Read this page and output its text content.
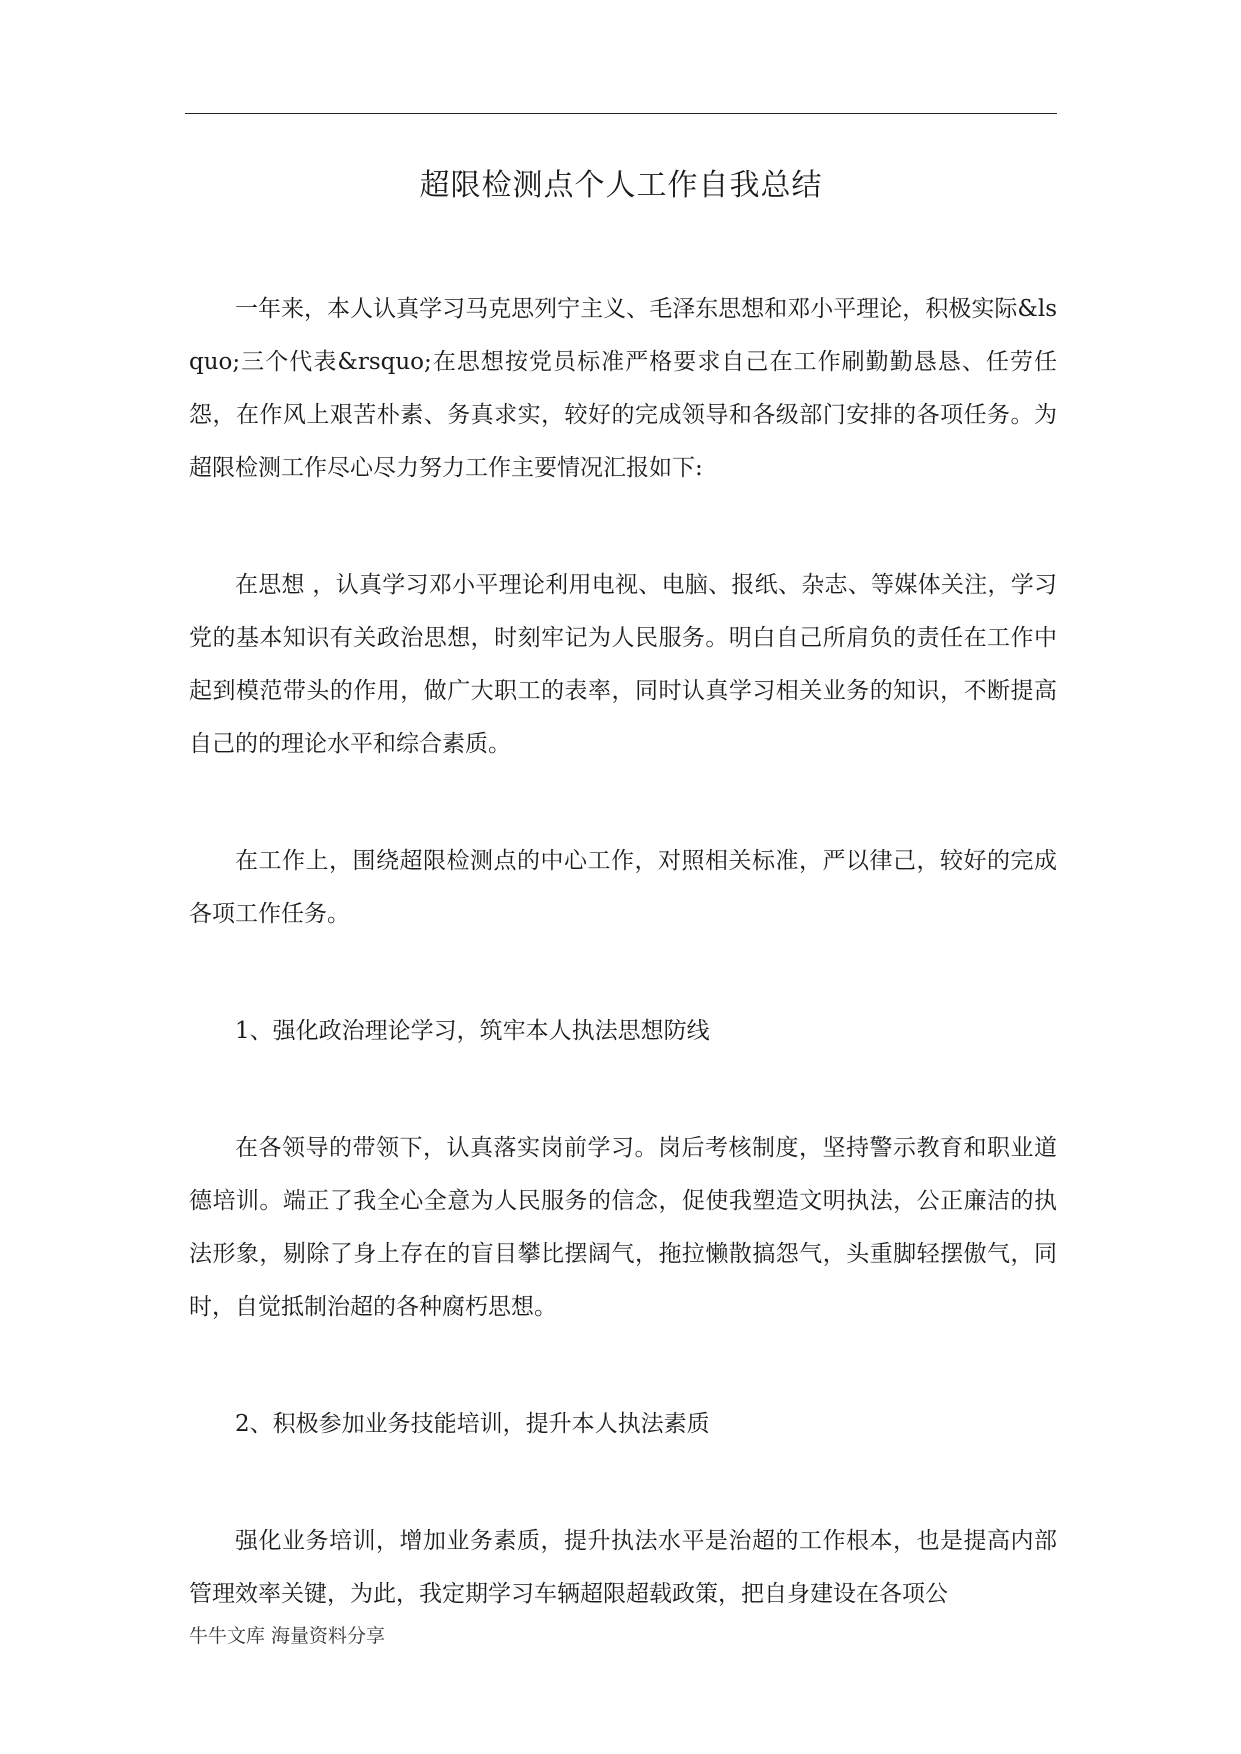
超限检测点个人工作自我总结

一年来，本人认真学习马克思列宁主义、毛泽东思想和邓小平理论，积极实际&lsquo;三个代表&rsquo;在思想按党员标准严格要求自己在工作刷勤勤恳恳、任劳任怨，在作风上艰苦朴素、务真求实，较好的完成领导和各级部门安排的各项任务。为超限检测工作尽心尽力努力工作主要情况汇报如下:

在思想 ，认真学习邓小平理论利用电视、电脑、报纸、杂志、等媒体关注，学习党的基本知识有关政治思想，时刻牢记为人民服务。明白自己所肩负的责任在工作中起到模范带头的作用，做广大职工的表率，同时认真学习相关业务的知识，不断提高自己的的理论水平和综合素质。

在工作上，围绕超限检测点的中心工作，对照相关标准，严以律己，较好的完成各项工作任务。

1、强化政治理论学习，筑牢本人执法思想防线

在各领导的带领下，认真落实岗前学习。岗后考核制度，坚持警示教育和职业道德培训。端正了我全心全意为人民服务的信念，促使我塑造文明执法，公正廉洁的执法形象，剔除了身上存在的盲目攀比摆阔气，拖拉懒散搞怨气，头重脚轻摆傲气，同时，自觉抵制治超的各种腐朽思想。

2、积极参加业务技能培训，提升本人执法素质

强化业务培训，增加业务素质，提升执法水平是治超的工作根本，也是提高内部管理效率关键，为此，我定期学习车辆超限超载政策，把自身建设在各项公

牛牛文库 海量资料分享
